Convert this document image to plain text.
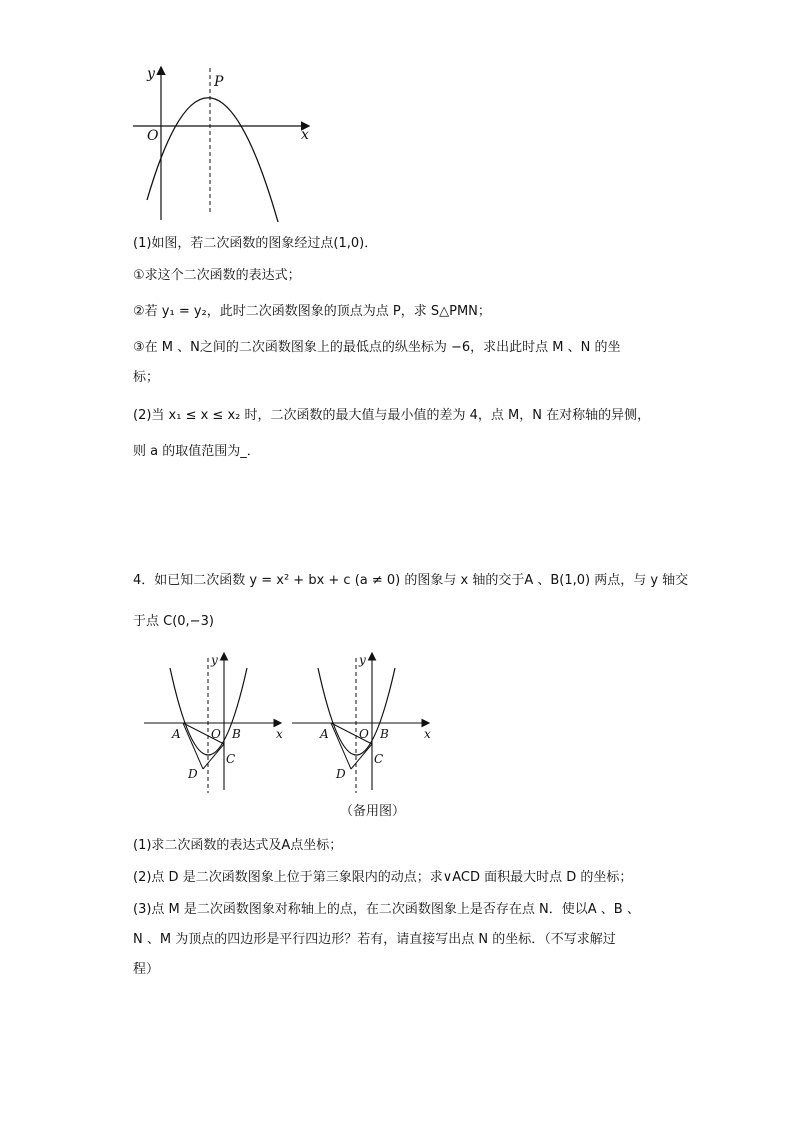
y
x
O
P
(1)如图，若二次函数的图象经过点(1,0)．
①求这个二次函数的表达式；
②若 y₁ = y₂，此时二次函数图象的顶点为点 P，求 S△PMN；
③在 M 、N之间的二次函数图象上的最低点的纵坐标为 −6，求出此时点 M 、N 的坐
标；
(2)当 x₁ ≤ x ≤ x₂ 时，二次函数的最大值与最小值的差为 4，点 M，N 在对称轴的异侧，
则 a 的取值范围为_．
4．如已知二次函数 y = x² + bx + c (a ≠ 0) 的图象与 x 轴的交于A 、B(1,0) 两点，与 y 轴交
于点 C(0,−3)
y
x
O
A	B
C
D
y
x
O
A	B
C
D
（备用图）
(1)求二次函数的表达式及A点坐标；
(2)点 D 是二次函数图象上位于第三象限内的动点；求∨ACD 面积最大时点 D 的坐标；
(3)点 M 是二次函数图象对称轴上的点，在二次函数图象上是否存在点 N．使以A 、B 、
N 、M 为顶点的四边形是平行四边形？若有，请直接写出点 N 的坐标．（不写求解过
程）
